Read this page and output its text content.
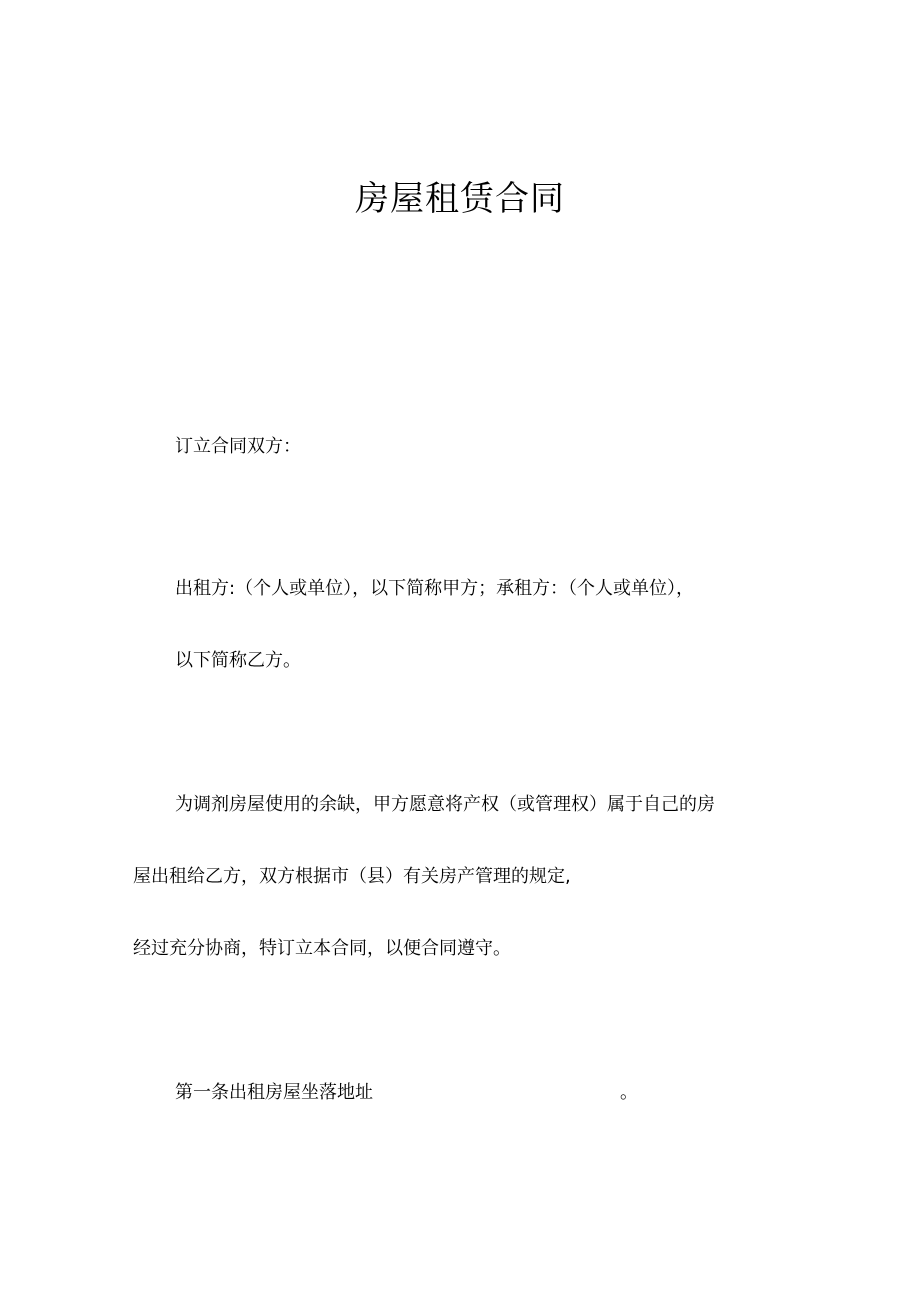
房屋租赁合同
订立合同双方：
出租方:（个人或单位），以下简称甲方；承租方：（个人或单位），
以下简称乙方。
为调剂房屋使用的余缺，甲方愿意将产权（或管理权）属于自己的房
屋出租给乙方，双方根据市（县）有关房产管理的规定,
经过充分协商，特订立本合同，以便合同遵守。
第一条出租房屋坐落地址	。
